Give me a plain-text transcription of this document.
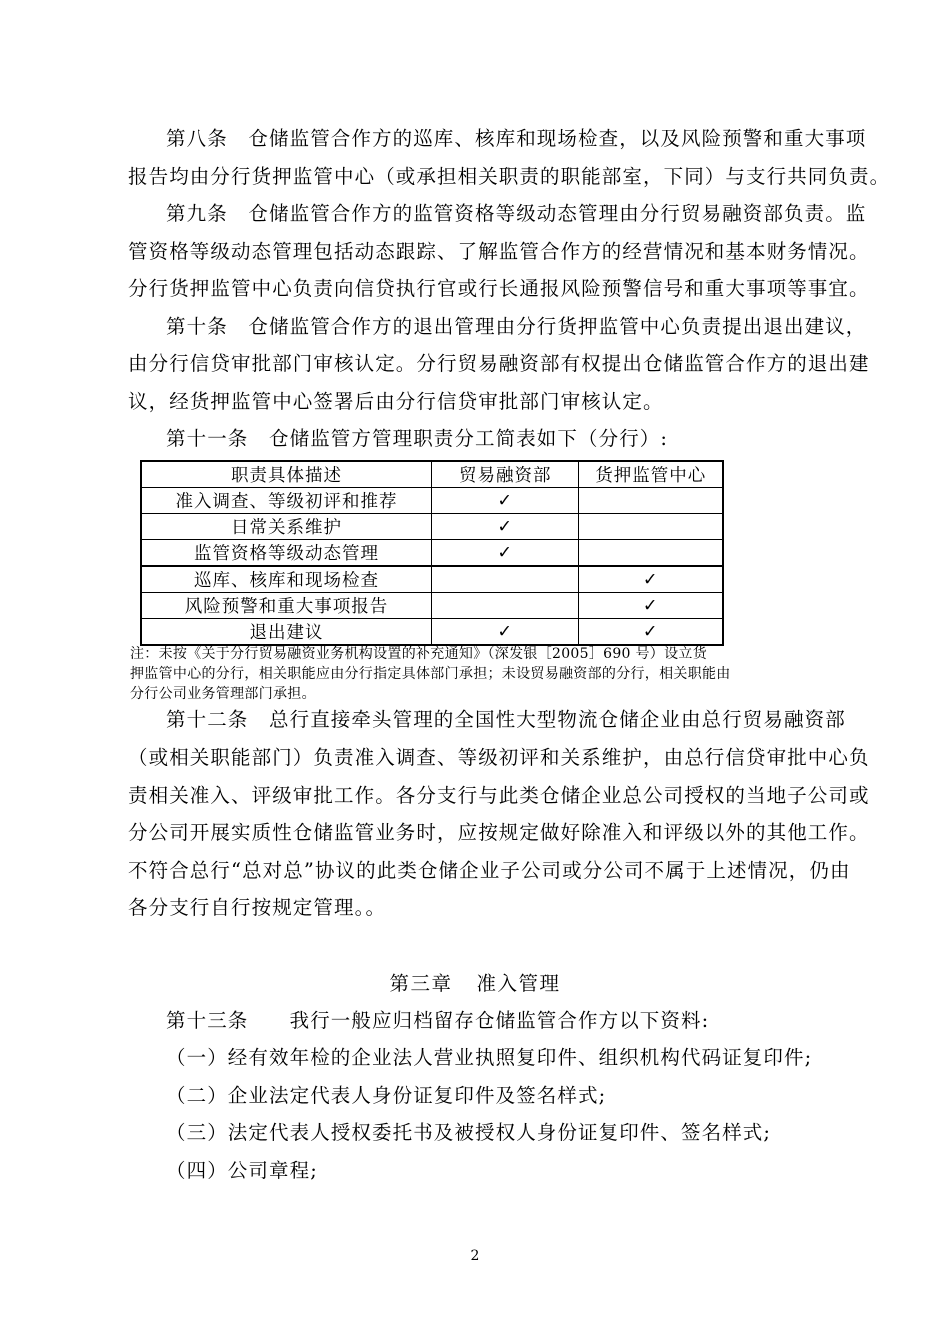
第八条　仓储监管合作方的巡库、核库和现场检查，以及风险预警和重大事项
报告均由分行货押监管中心（或承担相关职责的职能部室，下同）与支行共同负责。
第九条　仓储监管合作方的监管资格等级动态管理由分行贸易融资部负责。监
管资格等级动态管理包括动态跟踪、了解监管合作方的经营情况和基本财务情况。
分行货押监管中心负责向信贷执行官或行长通报风险预警信号和重大事项等事宜。
第十条　仓储监管合作方的退出管理由分行货押监管中心负责提出退出建议，
由分行信贷审批部门审核认定。分行贸易融资部有权提出仓储监管合作方的退出建
议，经货押监管中心签署后由分行信贷审批部门审核认定。
第十一条　仓储监管方管理职责分工简表如下（分行）:
职责具体描述	贸易融资部	货押监管中心
准入调查、等级初评和推荐	✓	
日常关系维护	✓	
监管资格等级动态管理	✓	
巡库、核库和现场检查		✓
风险预警和重大事项报告		✓
退出建议	✓	✓
注：未按《关于分行贸易融资业务机构设置的补充通知》（深发银［2005］690 号）设立货
押监管中心的分行，相关职能应由分行指定具体部门承担；未设贸易融资部的分行，相关职能由
分行公司业务管理部门承担。
第十二条　总行直接牵头管理的全国性大型物流仓储企业由总行贸易融资部
（或相关职能部门）负责准入调查、等级初评和关系维护，由总行信贷审批中心负
责相关准入、评级审批工作。各分支行与此类仓储企业总公司授权的当地子公司或
分公司开展实质性仓储监管业务时，应按规定做好除准入和评级以外的其他工作。
不符合总行“总对总”协议的此类仓储企业子公司或分公司不属于上述情况，仍由
各分支行自行按规定管理。。
第三章 准入管理
第十三条　　我行一般应归档留存仓储监管合作方以下资料:
（一）经有效年检的企业法人营业执照复印件、组织机构代码证复印件;
（二）企业法定代表人身份证复印件及签名样式;
（三）法定代表人授权委托书及被授权人身份证复印件、签名样式;
（四）公司章程;
2
